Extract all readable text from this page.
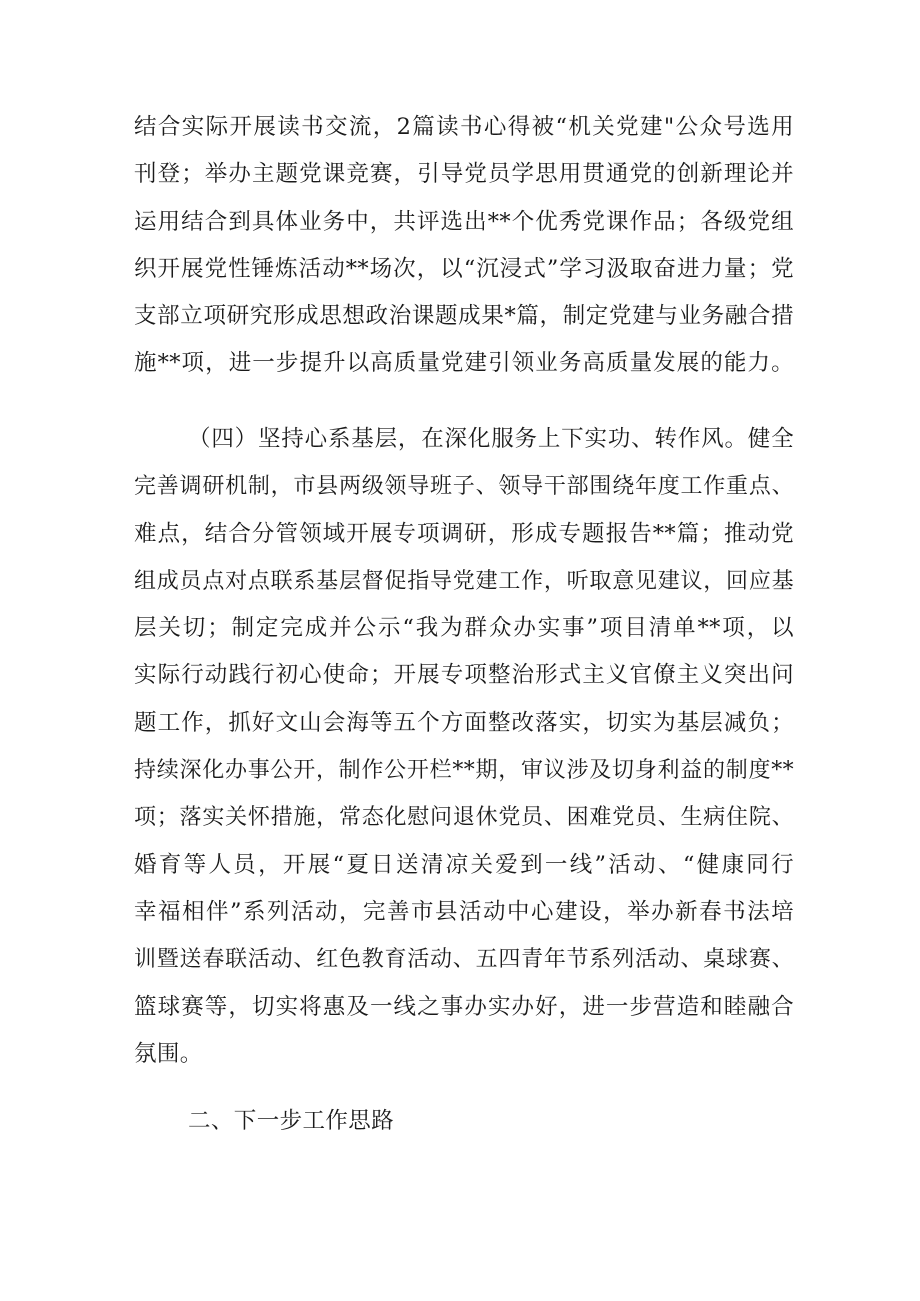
结合实际开展读书交流，2篇读书心得被“机关党建"公众号选用
刊登；举办主题党课竞赛，引导党员学思用贯通党的创新理论并
运用结合到具体业务中，共评选出**个优秀党课作品；各级党组
织开展党性锤炼活动**场次，以“沉浸式”学习汲取奋进力量；党
支部立项研究形成思想政治课题成果*篇，制定党建与业务融合措
施**项，进一步提升以高质量党建引领业务高质量发展的能力。
（四）坚持心系基层，在深化服务上下实功、转作风。健全
完善调研机制，市县两级领导班子、领导干部围绕年度工作重点、
难点，结合分管领域开展专项调研，形成专题报告**篇；推动党
组成员点对点联系基层督促指导党建工作，听取意见建议，回应基
层关切；制定完成并公示“我为群众办实事”项目清单**项，以
实际行动践行初心使命；开展专项整治形式主义官僚主义突出问
题工作，抓好文山会海等五个方面整改落实，切实为基层减负；
持续深化办事公开，制作公开栏**期，审议涉及切身利益的制度**
项；落实关怀措施，常态化慰问退休党员、困难党员、生病住院、
婚育等人员，开展“夏日送清凉关爱到一线”活动、“健康同行
幸福相伴”系列活动，完善市县活动中心建设，举办新春书法培
训暨送春联活动、红色教育活动、五四青年节系列活动、桌球赛、
篮球赛等，切实将惠及一线之事办实办好，进一步营造和睦融合
氛围。
二、下一步工作思路
